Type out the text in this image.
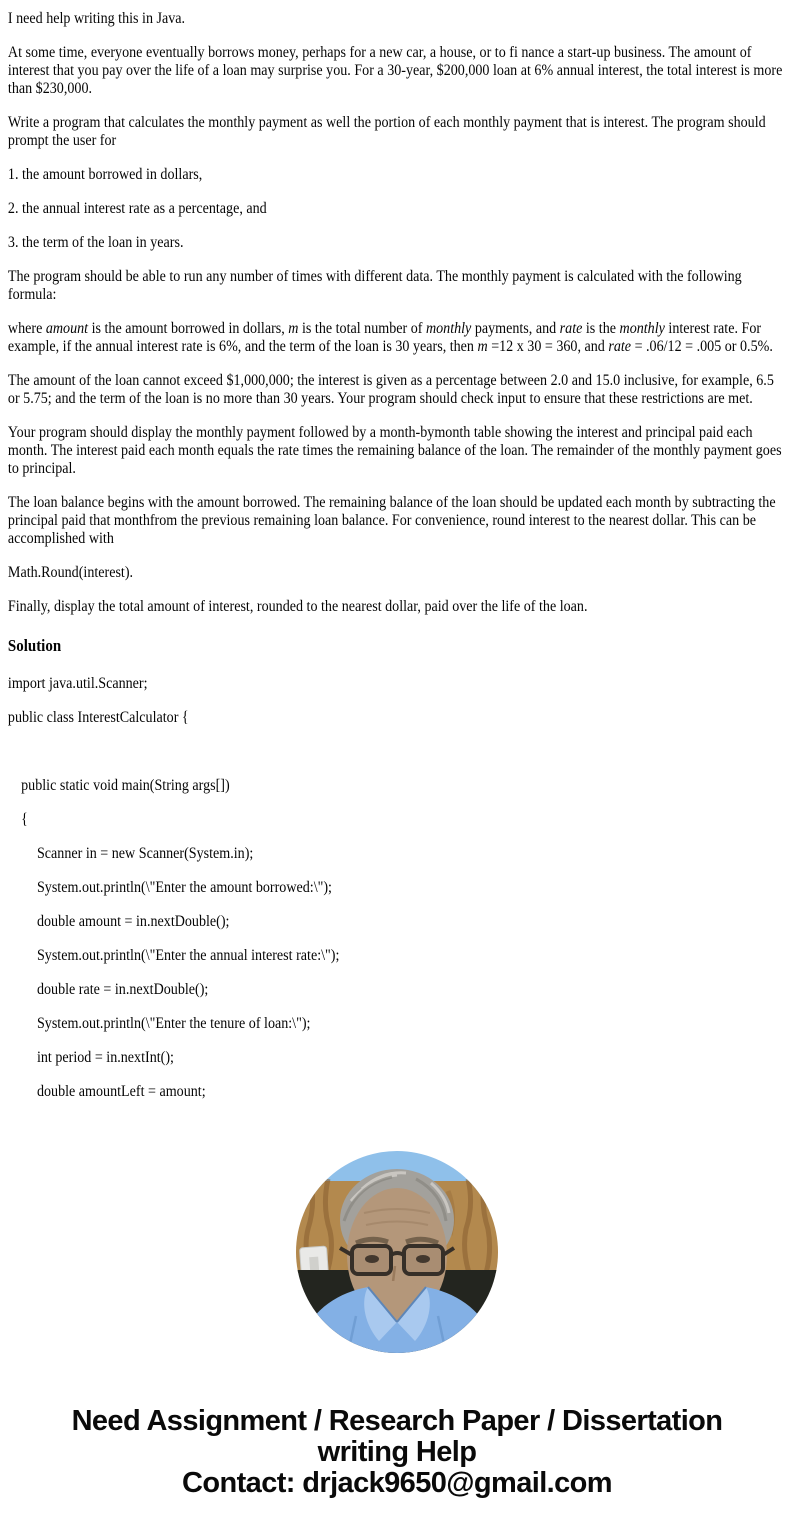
I need help writing this in Java.

At some time, everyone eventually borrows money, perhaps for a new car, a house, or to fi nance a start-up business. The amount of interest that you pay over the life of a loan may surprise you. For a 30-year, $200,000 loan at 6% annual interest, the total interest is more than $230,000.

Write a program that calculates the monthly payment as well the portion of each monthly payment that is interest. The program should prompt the user for

1. the amount borrowed in dollars,

2. the annual interest rate as a percentage, and

3. the term of the loan in years.

The program should be able to run any number of times with different data. The monthly payment is calculated with the following formula:

where amount is the amount borrowed in dollars, m is the total number of monthly payments, and rate is the monthly interest rate. For example, if the annual interest rate is 6%, and the term of the loan is 30 years, then m =12 x 30 = 360, and rate = .06/12 = .005 or 0.5%.

The amount of the loan cannot exceed $1,000,000; the interest is given as a percentage between 2.0 and 15.0 inclusive, for example, 6.5 or 5.75; and the term of the loan is no more than 30 years. Your program should check input to ensure that these restrictions are met.

Your program should display the monthly payment followed by a month-bymonth table showing the interest and principal paid each month. The interest paid each month equals the rate times the remaining balance of the loan. The remainder of the monthly payment goes to principal.

The loan balance begins with the amount borrowed. The remaining balance of the loan should be updated each month by subtracting the principal paid that monthfrom the previous remaining loan balance. For convenience, round interest to the nearest dollar. This can be accomplished with

Math.Round(interest).

Finally, display the total amount of interest, rounded to the nearest dollar, paid over the life of the loan.

Solution
import java.util.Scanner;
public class InterestCalculator {
public static void main(String args[])
{
Scanner in = new Scanner(System.in);
System.out.println(\"Enter the amount borrowed:\");
double amount = in.nextDouble();
System.out.println(\"Enter the annual interest rate:\");
double rate = in.nextDouble();
System.out.println(\"Enter the tenure of loan:\");
int period = in.nextInt();
double amountLeft = amount;
Need Assignment / Research Paper / Dissertation
writing Help
Contact: drjack9650@gmail.com
